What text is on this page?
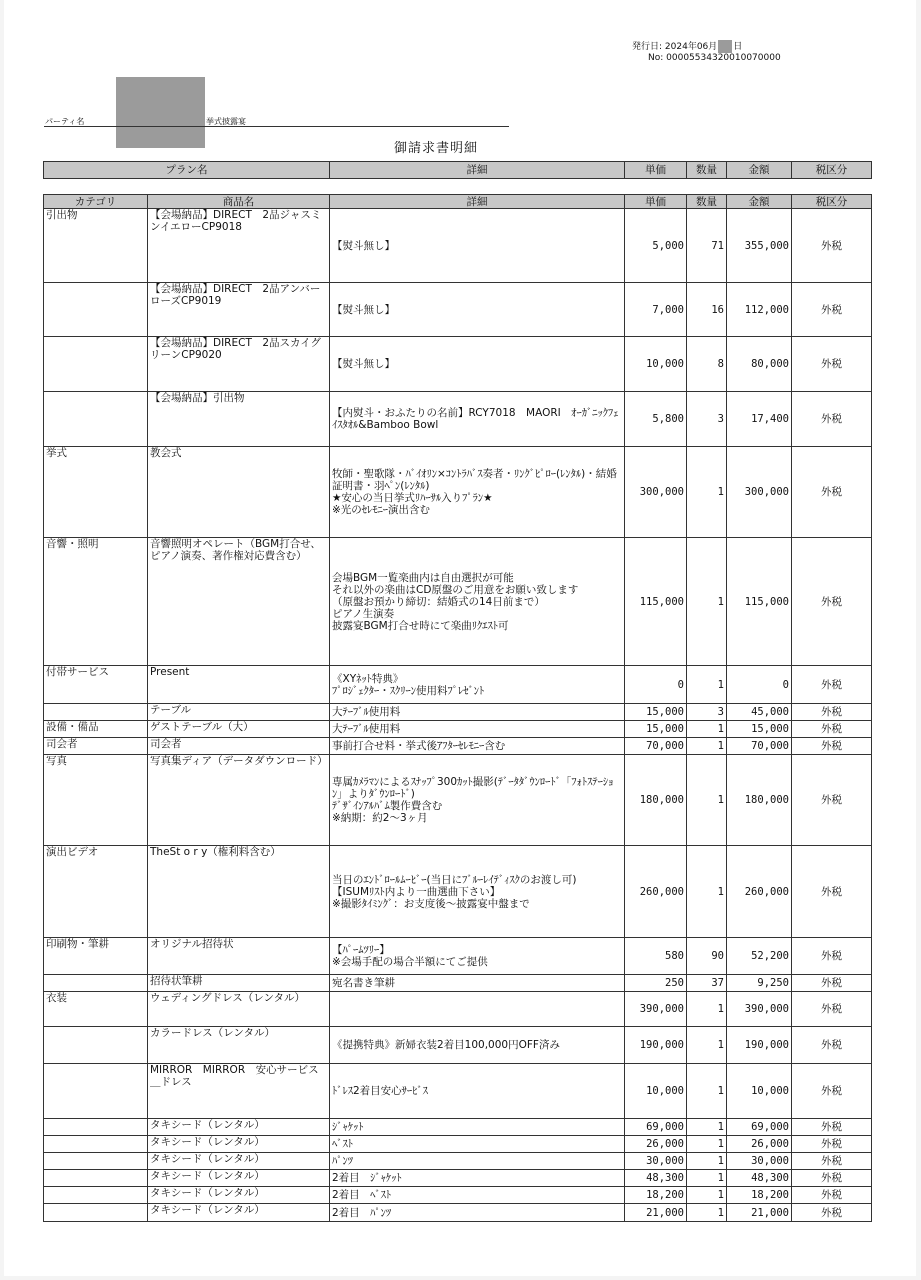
発行日: 2024年06月 日
No: 00005534320010070000
パーティ名	挙式披露宴
御請求書明細
プラン名	詳細	単価	数量	金額	税区分
カテゴリ	商品名	詳細	単価	数量	金額	税区分
引出物	【会場納品】DIRECT　2品ジャスミンイエローCP9018	【熨斗無し】	5,000	71	355,000	外税
	【会場納品】DIRECT　2品アンバーローズCP9019	【熨斗無し】	7,000	16	112,000	外税
	【会場納品】DIRECT　2品スカイグリーンCP9020	【熨斗無し】	10,000	8	80,000	外税
	【会場納品】引出物	【内熨斗・おふたりの名前】RCY7018　MAORI　ｵｰｶﾞﾆｯｸﾌｪｲｽﾀｵﾙ&Bamboo Bowl	5,800	3	17,400	外税
挙式	教会式	牧師・聖歌隊・ﾊﾞｲｵﾘﾝ×ｺﾝﾄﾗﾊﾞｽ奏者・ﾘﾝｸﾞﾋﾟﾛｰ(ﾚﾝﾀﾙ)・結婚証明書・羽ﾍﾟﾝ(ﾚﾝﾀﾙ)
★安心の当日挙式ﾘﾊｰｻﾙ入りﾌﾟﾗﾝ★
※光のｾﾚﾓﾆｰ演出含む	300,000	1	300,000	外税
音響・照明	音響照明オペレート（BGM打合せ、ピアノ演奏、著作権対応費含む）	会場BGM一覧楽曲内は自由選択が可能
それ以外の楽曲はCD原盤のご用意をお願い致します
（原盤お預かり締切：結婚式の14日前まで）
ピアノ生演奏
披露宴BGM打合せ時にて楽曲ﾘｸｴｽﾄ可	115,000	1	115,000	外税
付帯サービス	Present	《XYﾈｯﾄ特典》
ﾌﾟﾛｼﾞｪｸﾀｰ・ｽｸﾘｰﾝ使用料ﾌﾟﾚｾﾞﾝﾄ	0	1	0	外税
	テーブル	大ﾃｰﾌﾞﾙ使用料	15,000	3	45,000	外税
設備・備品	ゲストテーブル（大）	大ﾃｰﾌﾞﾙ使用料	15,000	1	15,000	外税
司会者	司会者	事前打合せ料・挙式後ｱﾌﾀｰｾﾚﾓﾆｰ含む	70,000	1	70,000	外税
写真	写真集ディア（データダウンロード）	専属ｶﾒﾗﾏﾝによるｽﾅｯﾌﾟ300ｶｯﾄ撮影(ﾃﾞｰﾀﾀﾞｳﾝﾛｰﾄﾞ「ﾌｫﾄｽﾃｰｼｮﾝ」よりﾀﾞｳﾝﾛｰﾄﾞ)
ﾃﾞｻﾞｲﾝｱﾙﾊﾞﾑ製作費含む
※納期：約2～3ヶ月	180,000	1	180,000	外税
演出ビデオ	TheSt o r y（権利料含む）	当日のｴﾝﾄﾞﾛｰﾙﾑｰﾋﾞｰ(当日にﾌﾞﾙｰﾚｲﾃﾞｨｽｸのお渡し可)
【ISUMﾘｽﾄ内より一曲選曲下さい】
※撮影ﾀｲﾐﾝｸﾞ：お支度後～披露宴中盤まで	260,000	1	260,000	外税
印刷物・筆耕	オリジナル招待状	【ﾊﾟｰﾑﾂﾘｰ】
※会場手配の場合半額にてご提供	580	90	52,200	外税
	招待状筆耕	宛名書き筆耕	250	37	9,250	外税
衣装	ウェディングドレス（レンタル）		390,000	1	390,000	外税
	カラードレス（レンタル）	《提携特典》新婦衣装2着目100,000円OFF済み	190,000	1	190,000	外税
	MIRROR　MIRROR　安心サービス＿ドレス	ﾄﾞﾚｽ2着目安心ｻｰﾋﾞｽ	10,000	1	10,000	外税
	タキシード（レンタル）	ｼﾞｬｹｯﾄ	69,000	1	69,000	外税
	タキシード（レンタル）	ﾍﾞｽﾄ	26,000	1	26,000	外税
	タキシード（レンタル）	ﾊﾟﾝﾂ	30,000	1	30,000	外税
	タキシード（レンタル）	2着目　ｼﾞｬｹｯﾄ	48,300	1	48,300	外税
	タキシード（レンタル）	2着目　ﾍﾞｽﾄ	18,200	1	18,200	外税
	タキシード（レンタル）	2着目　ﾊﾟﾝﾂ	21,000	1	21,000	外税
